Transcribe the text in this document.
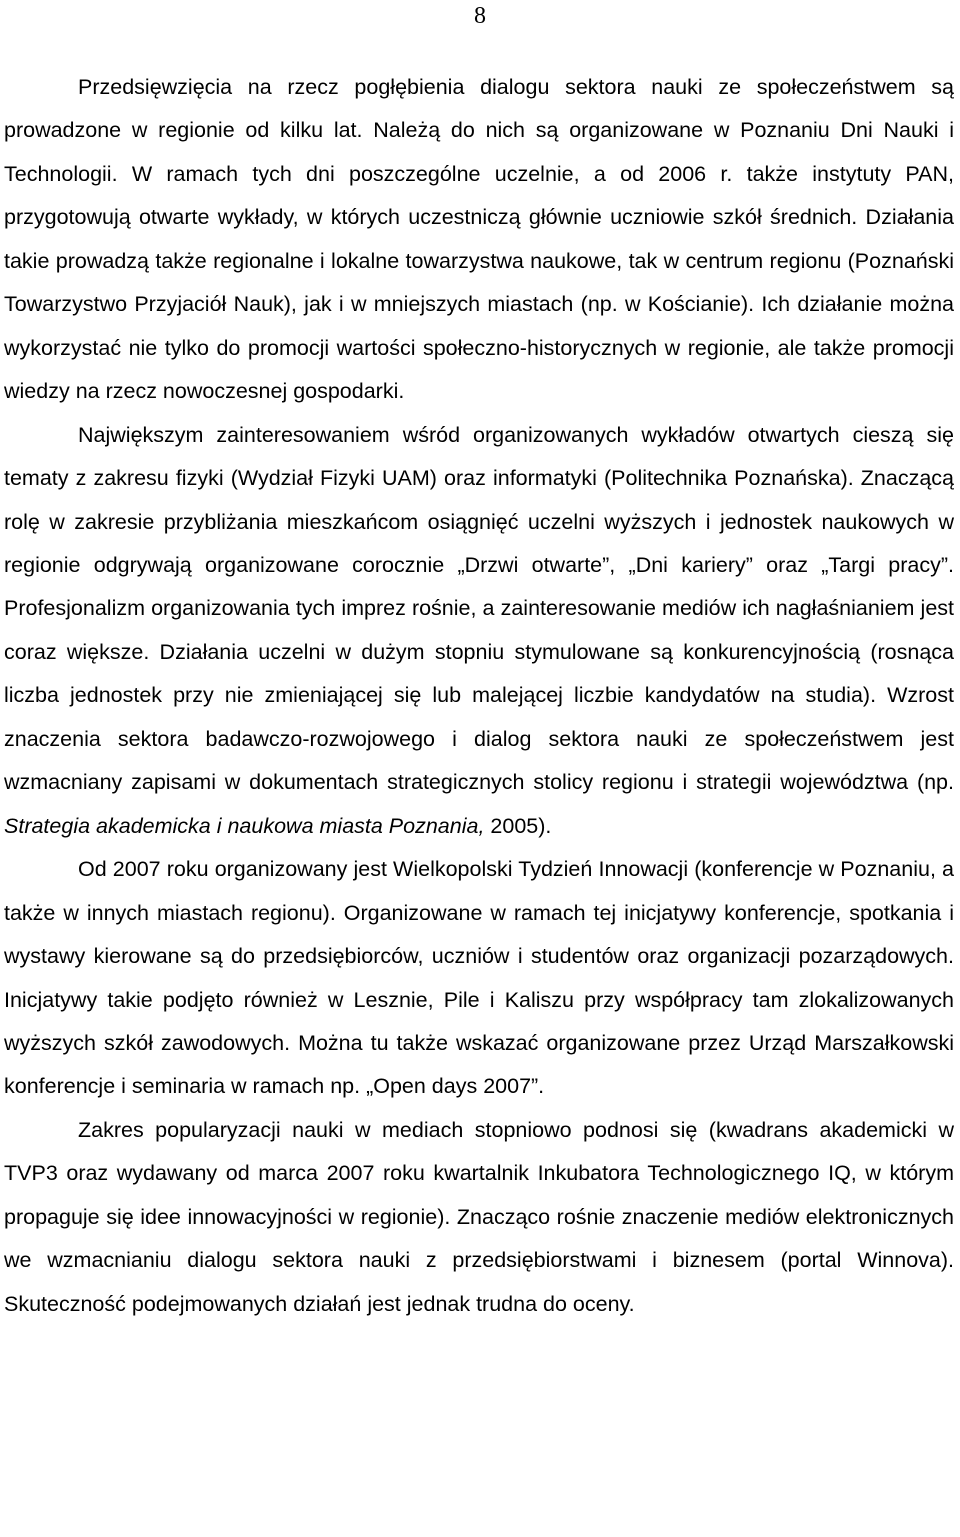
8

Przedsięwzięcia na rzecz pogłębienia dialogu sektora nauki ze społeczeństwem są prowadzone w regionie od kilku lat. Należą do nich są organizowane w Poznaniu Dni Nauki i Technologii. W ramach tych dni poszczególne uczelnie, a od 2006 r. także instytuty PAN, przygotowują otwarte wykłady, w których uczestniczą głównie uczniowie szkół średnich. Działania takie prowadzą także regionalne i lokalne towarzystwa naukowe, tak w centrum regionu (Poznański Towarzystwo Przyjaciół Nauk), jak i w mniejszych miastach (np. w Kościanie). Ich działanie można wykorzystać nie tylko do promocji wartości społeczno-historycznych w regionie, ale także promocji wiedzy na rzecz nowoczesnej gospodarki.

Największym zainteresowaniem wśród organizowanych wykładów otwartych cieszą się tematy z zakresu fizyki (Wydział Fizyki UAM) oraz informatyki (Politechnika Poznańska). Znaczącą rolę w zakresie przybliżania mieszkańcom osiągnięć uczelni wyższych i jednostek naukowych w regionie odgrywają organizowane corocznie „Drzwi otwarte”, „Dni kariery” oraz „Targi pracy”. Profesjonalizm organizowania tych imprez rośnie, a zainteresowanie mediów ich nagłaśnianiem jest coraz większe. Działania uczelni w dużym stopniu stymulowane są konkurencyjnością (rosnąca liczba jednostek przy nie zmieniającej się lub malejącej liczbie kandydatów na studia). Wzrost znaczenia sektora badawczo-rozwojowego i dialog sektora nauki ze społeczeństwem jest wzmacniany zapisami w dokumentach strategicznych stolicy regionu i strategii województwa (np. Strategia akademicka i naukowa miasta Poznania, 2005).

Od 2007 roku organizowany jest Wielkopolski Tydzień Innowacji (konferencje w Poznaniu, a także w innych miastach regionu). Organizowane w ramach tej inicjatywy konferencje, spotkania i wystawy kierowane są do przedsiębiorców, uczniów i studentów oraz organizacji pozarządowych. Inicjatywy takie podjęto również w Lesznie, Pile i Kaliszu przy współpracy tam zlokalizowanych wyższych szkół zawodowych. Można tu także wskazać organizowane przez Urząd Marszałkowski konferencje i seminaria w ramach np. „Open days 2007”.

Zakres popularyzacji nauki w mediach stopniowo podnosi się (kwadrans akademicki w TVP3 oraz wydawany od marca 2007 roku kwartalnik Inkubatora Technologicznego IQ, w którym propaguje się idee innowacyjności w regionie). Znacząco rośnie znaczenie mediów elektronicznych we wzmacnianiu dialogu sektora nauki z przedsiębiorstwami i biznesem (portal Winnova). Skuteczność podejmowanych działań jest jednak trudna do oceny.
